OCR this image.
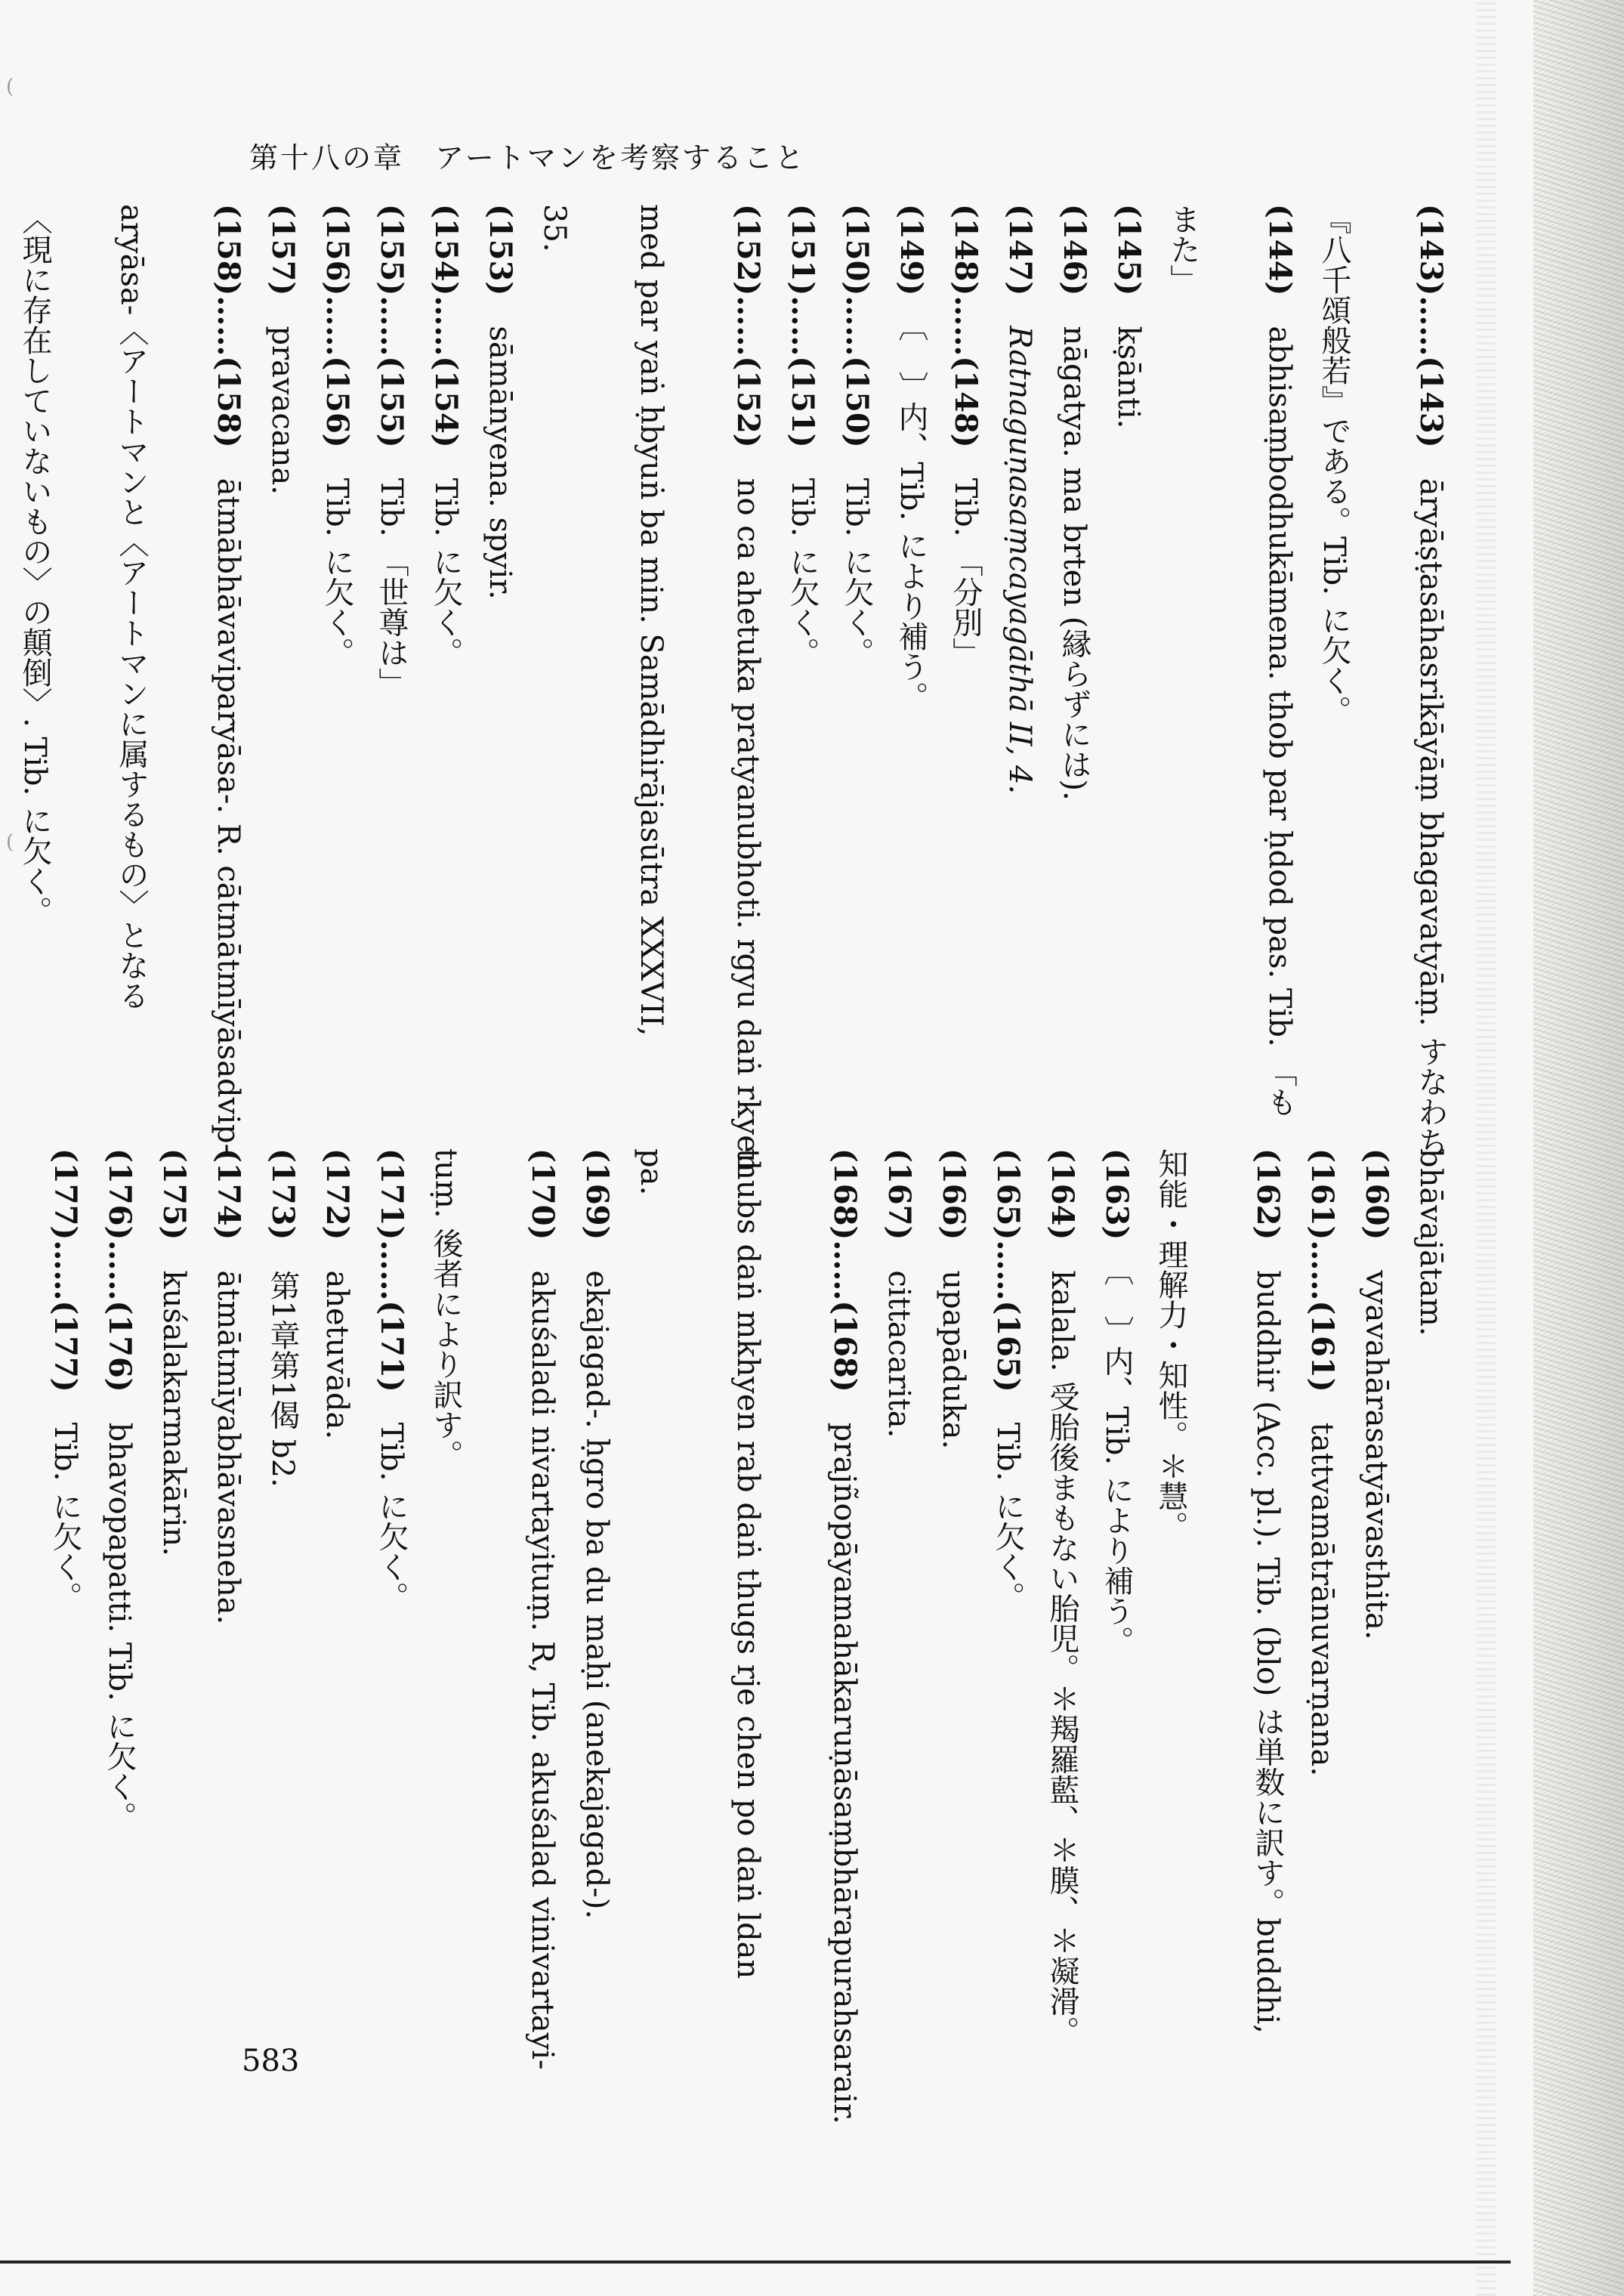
(
(
第十八の章　アートマンを考察すること
(143)……(143)　āryāṣṭasāhasrikāyāṃ bhagavatyāṃ. すなわち
『八千頌般若』である。Tib. に欠く。
(144)　abhisaṃbodhukāmena. thob par ḥdod pas. Tib. 「も
また」
(145)　kṣānti.
(146)　nāgatya. ma brten (縁らずには).
(147)　Ratnaguṇasaṃcayagāthā II, 4.
(148)……(148)　Tib. 「分別」
(149)　〔　〕内、Tib. により補う。
(150)……(150)　Tib. に欠く。
(151)……(151)　Tib. に欠く。
(152)……(152)　no ca ahetuka pratyanubhoti. rgyu daṅ rkyen
med par yaṅ ḥbyuṅ ba min. Samādhirājasūtra XXXVII,
35.
(153)　sāmānyena. spyir.
(154)……(154)　Tib. に欠く。
(155)……(155)　Tib. 「世尊は」
(156)……(156)　Tib. に欠く。
(157)　pravacana.
(158)……(158)　ātmābhāvaviparyāsa-. R. cātmātmīyāsadvip-
aryāsa-〈アートマンと〈アートマンに属するもの〉となる
〈現に存在していないもの〉の顛倒〉. Tib. に欠く。

bhāvajātam.
(160)　vyavahārasatyāvasthita.
(161)……(161)　tattvamātrānuvarṇana.
(162)　buddhir (Acc. pl.). Tib. (blo) は単数に訳す。buddhi,
知能・理解力・知性。＊慧。
(163)　〔　〕内、Tib. により補う。
(164)　kalala. 受胎後まもない胎児。＊羯羅藍、＊膜、＊凝滑。
(165)……(165)　Tib. に欠く。
(166)　upapāduka.
(167)　cittacarita.
(168)……(168)　prajñopāyamahākaruṇāsaṃbhārapurahsarair.
thubs daṅ mkhyen rab daṅ thugs rje chen po daṅ ldan
pa.
(169)　ekajagad-. ḥgro ba du maḥi (anekajagad-).
(170)　akuśaladi nivartayituṃ. R, Tib. akuśalad vinivartayi-
tuṃ. 後者により訳す。
(171)……(171)　Tib. に欠く。
(172)　ahetuvāda.
(173)　第1章第1偈 b2.
(174)　ātmātmīyabhāvasneha.
(175)　kuśalakarmakārin.
(176)……(176)　bhavopapatti. Tib. に欠く。
(177)……(177)　Tib. に欠く。
583
